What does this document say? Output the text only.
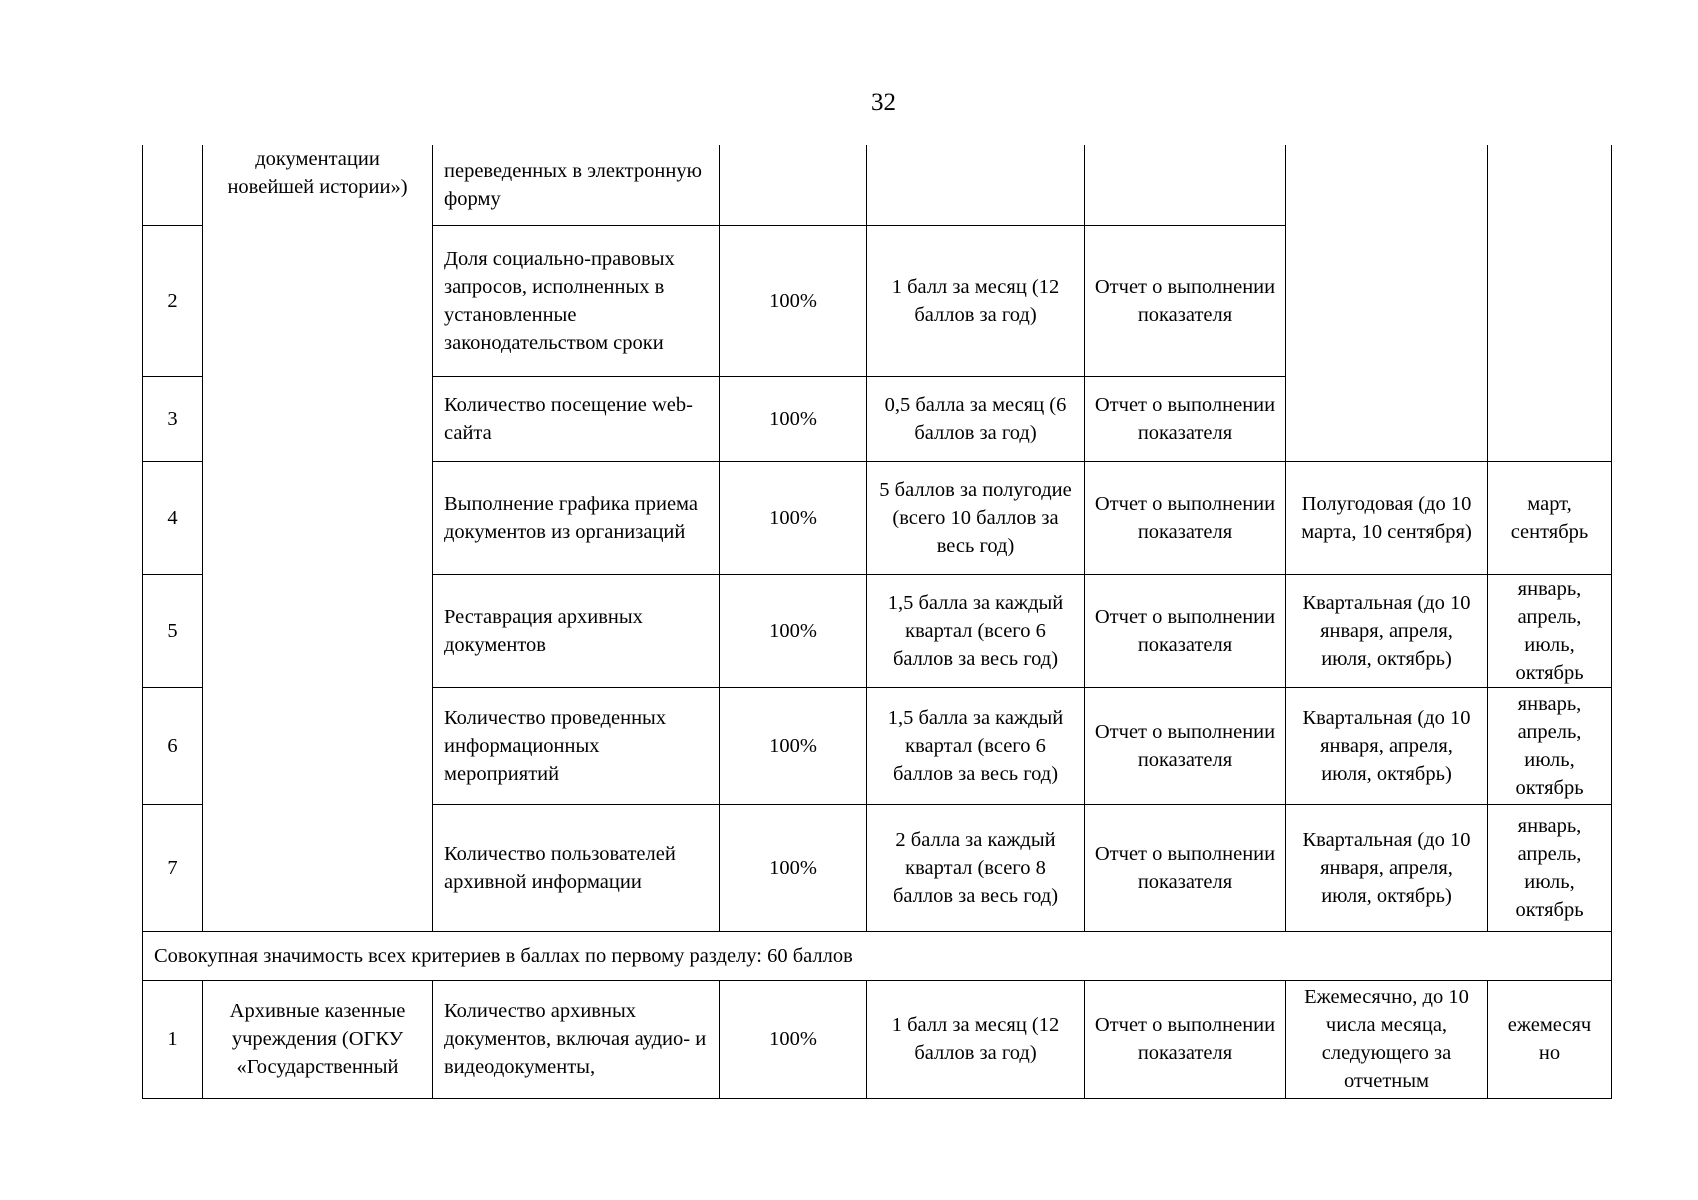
32
	документации новейшей истории»)	переведенных в электронную форму					
2		Доля социально-правовых запросов, исполненных в установленные законодательством сроки	100%	1 балл за месяц (12 баллов за год)	Отчет о выполнении показателя		
3		Количество посещение web-сайта	100%	0,5 балла за месяц (6 баллов за год)	Отчет о выполнении показателя		
4		Выполнение графика приема документов из организаций	100%	5 баллов за полугодие (всего 10 баллов за весь год)	Отчет о выполнении показателя	Полугодовая (до 10 марта, 10 сентября)	март, сентябрь
5		Реставрация архивных документов	100%	1,5 балла за каждый квартал (всего 6 баллов за весь год)	Отчет о выполнении показателя	Квартальная (до 10 января, апреля, июля, октябрь)	январь, апрель, июль, октябрь
6		Количество проведенных информационных мероприятий	100%	1,5 балла за каждый квартал (всего 6 баллов за весь год)	Отчет о выполнении показателя	Квартальная (до 10 января, апреля, июля, октябрь)	январь, апрель, июль, октябрь
7		Количество пользователей архивной информации	100%	2 балла за каждый квартал (всего 8 баллов за весь год)	Отчет о выполнении показателя	Квартальная (до 10 января, апреля, июля, октябрь)	январь, апрель, июль, октябрь
Совокупная значимость всех критериев в баллах по первому разделу: 60 баллов							
1	Архивные казенные учреждения (ОГКУ «Государственный	Количество архивных документов, включая аудио- и видеодокументы,	100%	1 балл за месяц (12 баллов за год)	Отчет о выполнении показателя	Ежемесячно, до 10 числа месяца, следующего за отчетным	ежемесяч но
